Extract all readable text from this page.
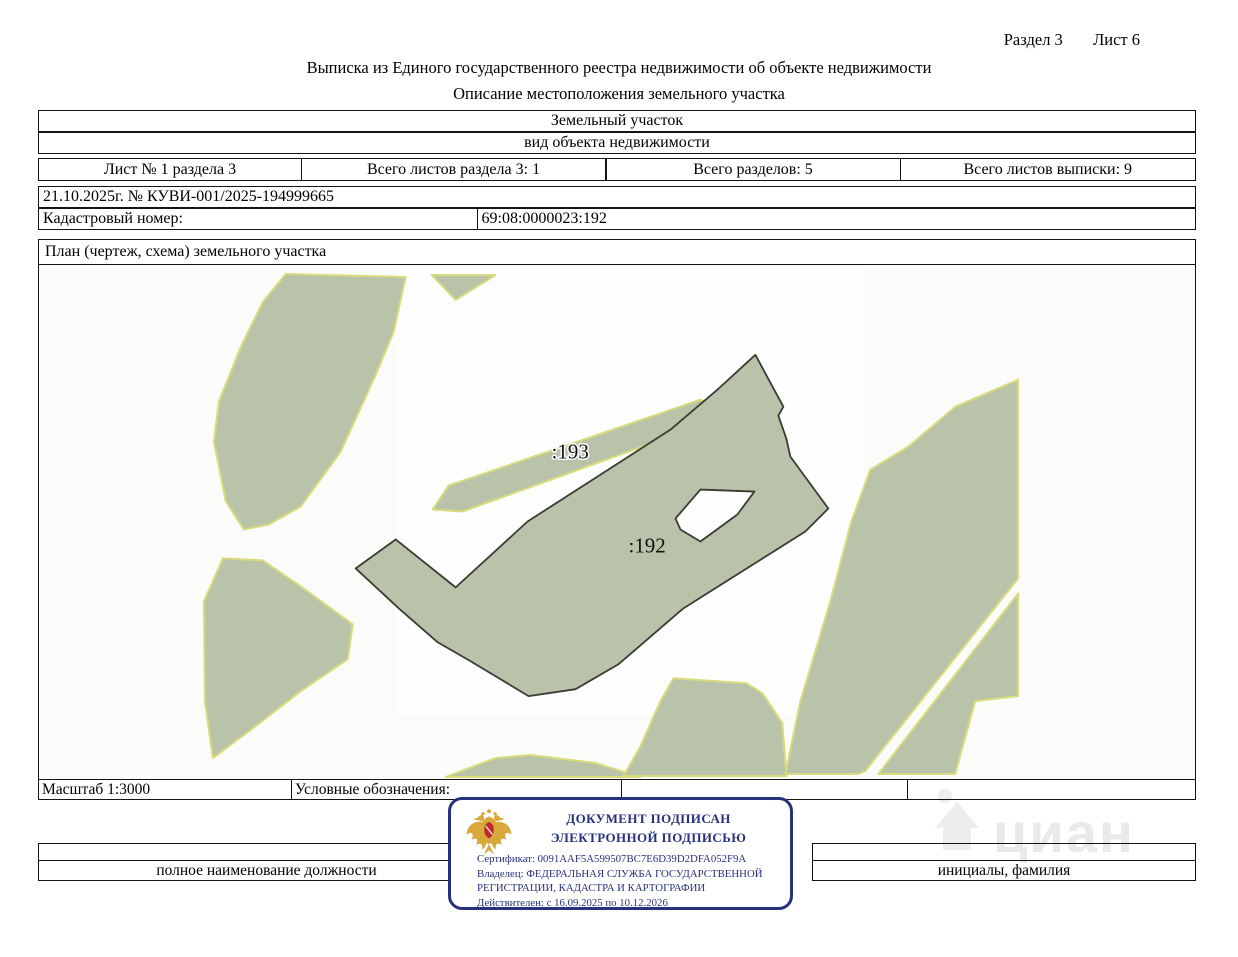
циан
Раздел 3 Лист 6
Выписка из Единого государственного реестра недвижимости об объекте недвижимости
Описание местоположения земельного участка
Земельный участок
вид объекта недвижимости
Лист № 1 раздела 3	Всего листов раздела 3: 1	Всего разделов: 5	Всего листов выписки: 9
21.10.2025г. № КУВИ-001/2025-194999665
Кадастровый номер:	69:08:0000023:192
План (чертеж, схема) земельного участка
:193
:192
Масштаб 1:3000	Условные обозначения:
полное наименование должности	инициалы, фамилия
ДОКУМЕНТ ПОДПИСАН
ЭЛЕКТРОННОЙ ПОДПИСЬЮ
Сертификат: 0091AAF5A599507BC7E6D39D2DFA052F9A
Владелец: ФЕДЕРАЛЬНАЯ СЛУЖБА ГОСУДАРСТВЕННОЙ РЕГИСТРАЦИИ, КАДАСТРА И КАРТОГРАФИИ
Действителен: с 16.09.2025 по 10.12.2026
